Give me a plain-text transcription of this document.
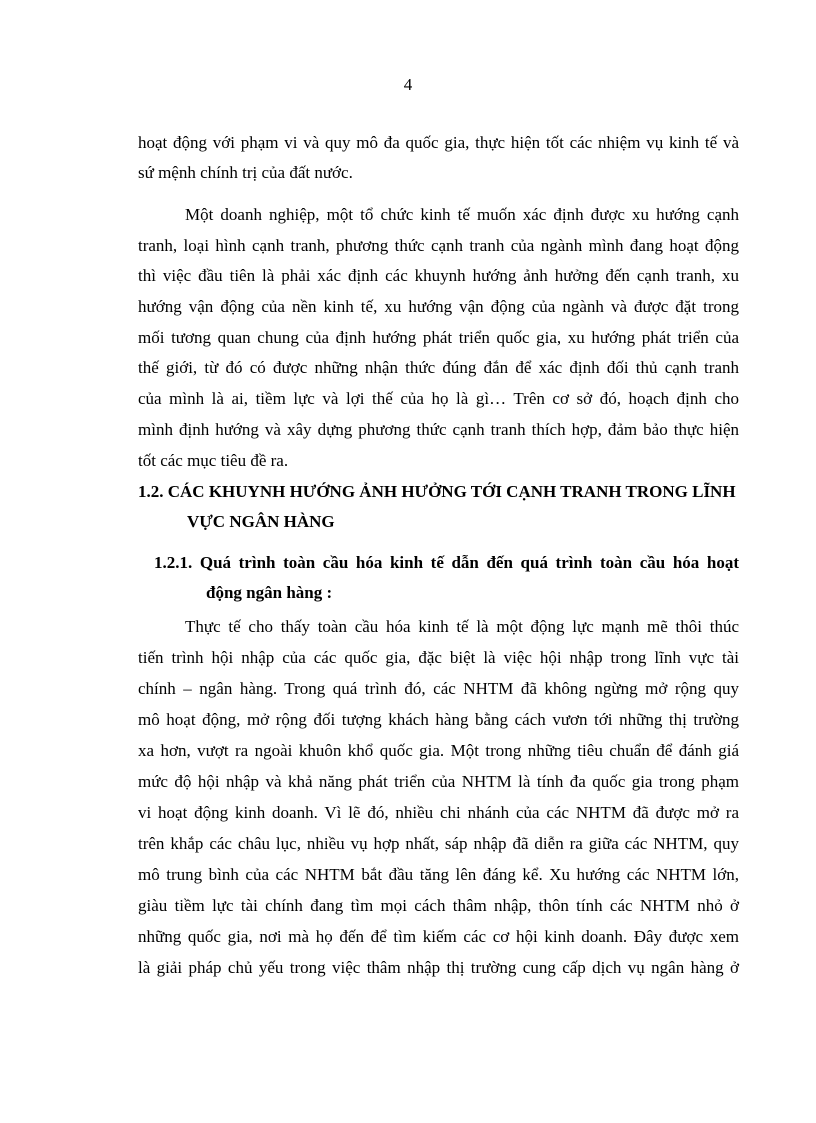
4
hoạt động với phạm vi và quy mô đa quốc gia, thực hiện tốt các nhiệm vụ kinh tế và
sứ mệnh chính trị của đất nước.
Một doanh nghiệp, một tổ chức kinh tế muốn xác định được xu hướng cạnh
tranh, loại hình cạnh tranh, phương thức cạnh tranh của ngành mình đang hoạt động
thì việc đầu tiên là phải xác định các khuynh hướng ảnh hưởng đến cạnh tranh, xu
hướng vận động của nền kinh tế, xu hướng vận động của ngành và được đặt trong
mối tương quan chung của định hướng phát triển quốc gia, xu hướng phát triển của
thế giới, từ đó có được những nhận thức đúng đắn để xác định đối thủ cạnh tranh
của mình là ai, tiềm lực và lợi thế của họ là gì… Trên cơ sở đó, hoạch định cho
mình định hướng và xây dựng phương thức cạnh tranh thích hợp, đảm bảo thực hiện
tốt các mục tiêu đề ra.
1.2. CÁC KHUYNH HƯỚNG ẢNH HƯỞNG TỚI CẠNH TRANH TRONG LĨNH
VỰC NGÂN HÀNG
1.2.1. Quá trình toàn cầu hóa kinh tế dẫn đến quá trình toàn cầu hóa hoạt
động ngân hàng :
Thực tế cho thấy toàn cầu hóa kinh tế là một động lực mạnh mẽ thôi thúc
tiến trình hội nhập của các quốc gia, đặc biệt là việc hội nhập trong lĩnh vực tài
chính – ngân hàng. Trong quá trình đó, các NHTM đã không ngừng mở rộng quy
mô hoạt động, mở rộng đối tượng khách hàng bằng cách vươn tới những thị trường
xa hơn, vượt ra ngoài khuôn khổ quốc gia. Một trong những tiêu chuẩn để đánh giá
mức độ hội nhập và khả năng phát triển của NHTM là tính đa quốc gia trong phạm
vi hoạt động kinh doanh. Vì lẽ đó, nhiều chi nhánh của các NHTM đã được mở ra
trên khắp các châu lục, nhiều vụ hợp nhất, sáp nhập đã diễn ra giữa các NHTM, quy
mô trung bình của các NHTM bắt đầu tăng lên đáng kể. Xu hướng các NHTM lớn,
giàu tiềm lực tài chính đang tìm mọi cách thâm nhập, thôn tính các NHTM nhỏ ở
những quốc gia, nơi mà họ đến để tìm kiếm các cơ hội kinh doanh. Đây được xem
là giải pháp chủ yếu trong việc thâm nhập thị trường cung cấp dịch vụ ngân hàng ở
